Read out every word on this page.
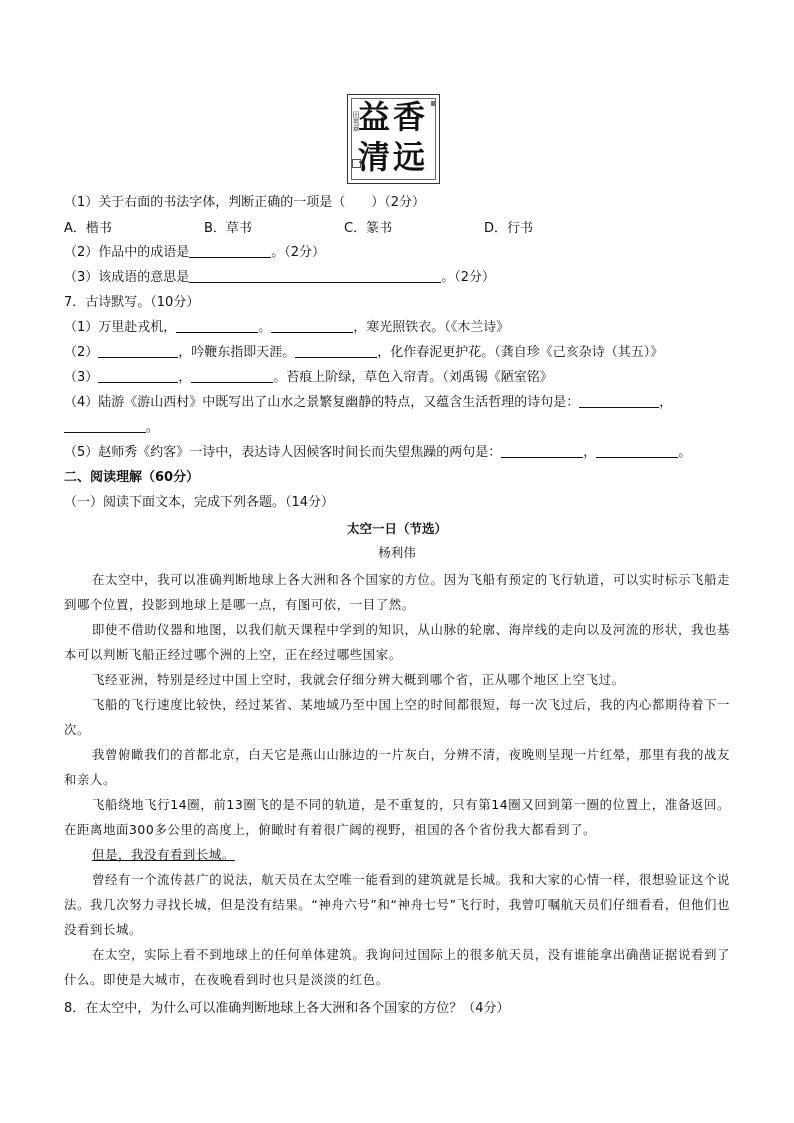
香
远
益
清
田英章
（1）关于右面的书法字体，判断正确的一项是（　　）（2分）
A．楷书	B．草书	C．篆书	D．行书
（2）作品中的成语是	。（2分）
（3）该成语的意思是	。（2分）
7．古诗默写。（10分）
（1）万里赴戎机，	。	，寒光照铁衣。（《木兰诗》
（2）	，吟鞭东指即天涯。	，化作春泥更护花。（龚自珍《己亥杂诗（其五）》
（3）	，	。苔痕上阶绿，草色入帘青。（刘禹锡《陋室铭》
（4）陆游《游山西村》中既写出了山水之景繁复幽静的特点，又蕴含生活哲理的诗句是：	，
。
（5）赵师秀《约客》一诗中，表达诗人因候客时间长而失望焦躁的两句是：	，	。
二、阅读理解（60分）
（一）阅读下面文本，完成下列各题。（14分）
太空一日（节选）
杨利伟
在太空中，我可以准确判断地球上各大洲和各个国家的方位。因为飞船有预定的飞行轨道，可以实时标示飞船走到哪个位置，投影到地球上是哪一点，有图可依，一目了然。
即使不借助仪器和地图，以我们航天课程中学到的知识，从山脉的轮廓、海岸线的走向以及河流的形状，我也基本可以判断飞船正经过哪个洲的上空，正在经过哪些国家。
飞经亚洲，特别是经过中国上空时，我就会仔细分辨大概到哪个省，正从哪个地区上空飞过。
飞船的飞行速度比较快，经过某省、某地域乃至中国上空的时间都很短，每一次飞过后，我的内心都期待着下一次。
我曾俯瞰我们的首都北京，白天它是燕山山脉边的一片灰白，分辨不清，夜晚则呈现一片红晕，那里有我的战友和亲人。
飞船绕地飞行14圈，前13圈飞的是不同的轨道，是不重复的，只有第14圈又回到第一圈的位置上，准备返回。在距离地面300多公里的高度上，俯瞰时有着很广阔的视野，祖国的各个省份我大都看到了。
但是，我没有看到长城。
曾经有一个流传甚广的说法，航天员在太空唯一能看到的建筑就是长城。我和大家的心情一样，很想验证这个说法。我几次努力寻找长城，但是没有结果。“神舟六号”和“神舟七号”飞行时，我曾叮嘱航天员们仔细看看，但他们也没看到长城。
在太空，实际上看不到地球上的任何单体建筑。我询问过国际上的很多航天员，没有谁能拿出确凿证据说看到了什么。即使是大城市，在夜晚看到时也只是淡淡的红色。
8．在太空中，为什么可以准确判断地球上各大洲和各个国家的方位？（4分）
